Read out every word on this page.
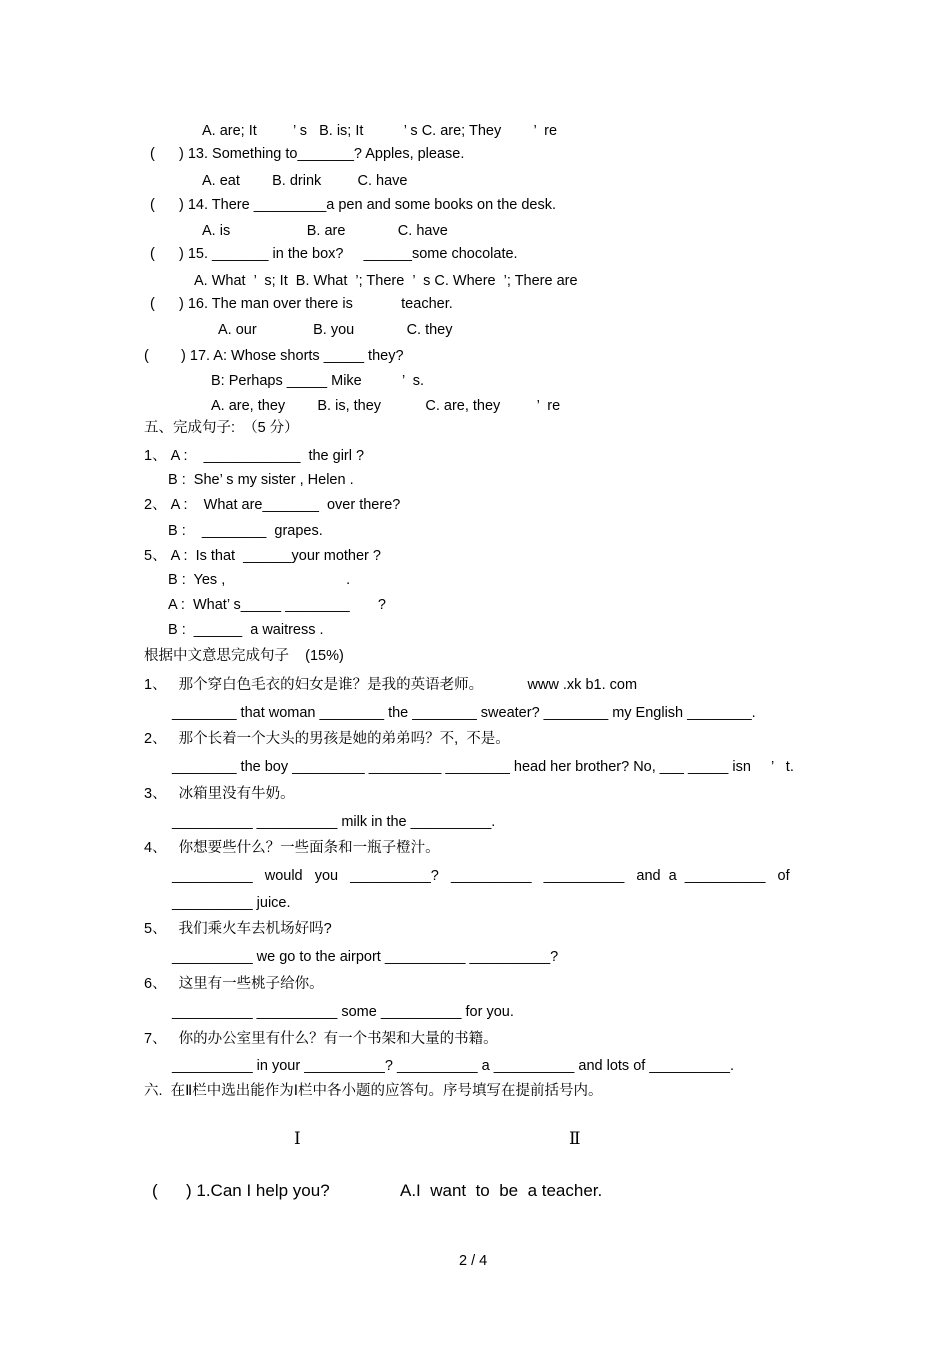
A. are; It         ’ s   B. is; It          ’ s C. are; They        ’  re
(      ) 13. Something to_______? Apples, please.
A. eat        B. drink         C. have
(      ) 14. There _________a pen and some books on the desk.
A. is                   B. are             C. have
(      ) 15. _______ in the box?     ______some chocolate.
A. What  ’  s; It  B. What  ’; There  ’  s C. Where  ’; There are
(      ) 16. The man over there is            teacher.
A. our              B. you             C. they
(        ) 17. A: Whose shorts _____ they?
B: Perhaps _____ Mike          ’  s.
A. are, they        B. is, they           C. are, they         ’  re
五、完成句子:  （5 分）
1、 A :    ____________  the girl ?
B :  She’ s my sister , Helen .
2、 A :    What are_______  over there?
B :    ________  grapes.
5、 A :  Is that  ______your mother ?
B :  Yes ,                              .
A :  What’ s_____ ________       ?
B :  ______  a waitress .
根据中文意思完成句子    (15%)
1、   那个穿白色毛衣的妇女是谁？是我的英语老师。           www .xk b1. com
________ that woman ________ the ________ sweater? ________ my English ________.
2、   那个长着一个大头的男孩是她的弟弟吗？不,  不是。
________ the boy _________ _________ ________ head her brother? No, ___ _____ isn     ’   t.
3、   冰箱里没有牛奶。
__________ __________ milk in the __________.
4、   你想要些什么？一些面条和一瓶子橙汁。
__________   would   you   __________?   __________   __________   and  a  __________   of
__________ juice.
5、   我们乘火车去机场好吗?
__________ we go to the airport __________ __________?
6、   这里有一些桃子给你。
__________ __________ some __________ for you.
7、   你的办公室里有什么？有一个书架和大量的书籍。
__________ in your __________? __________ a __________ and lots of __________.
六.  在Ⅱ栏中选出能作为Ⅰ栏中各小题的应答句。序号填写在提前括号内。
Ⅰ	Ⅱ
(      ) 1.Can I help you?	A.I  want  to  be  a teacher.
2 / 4
